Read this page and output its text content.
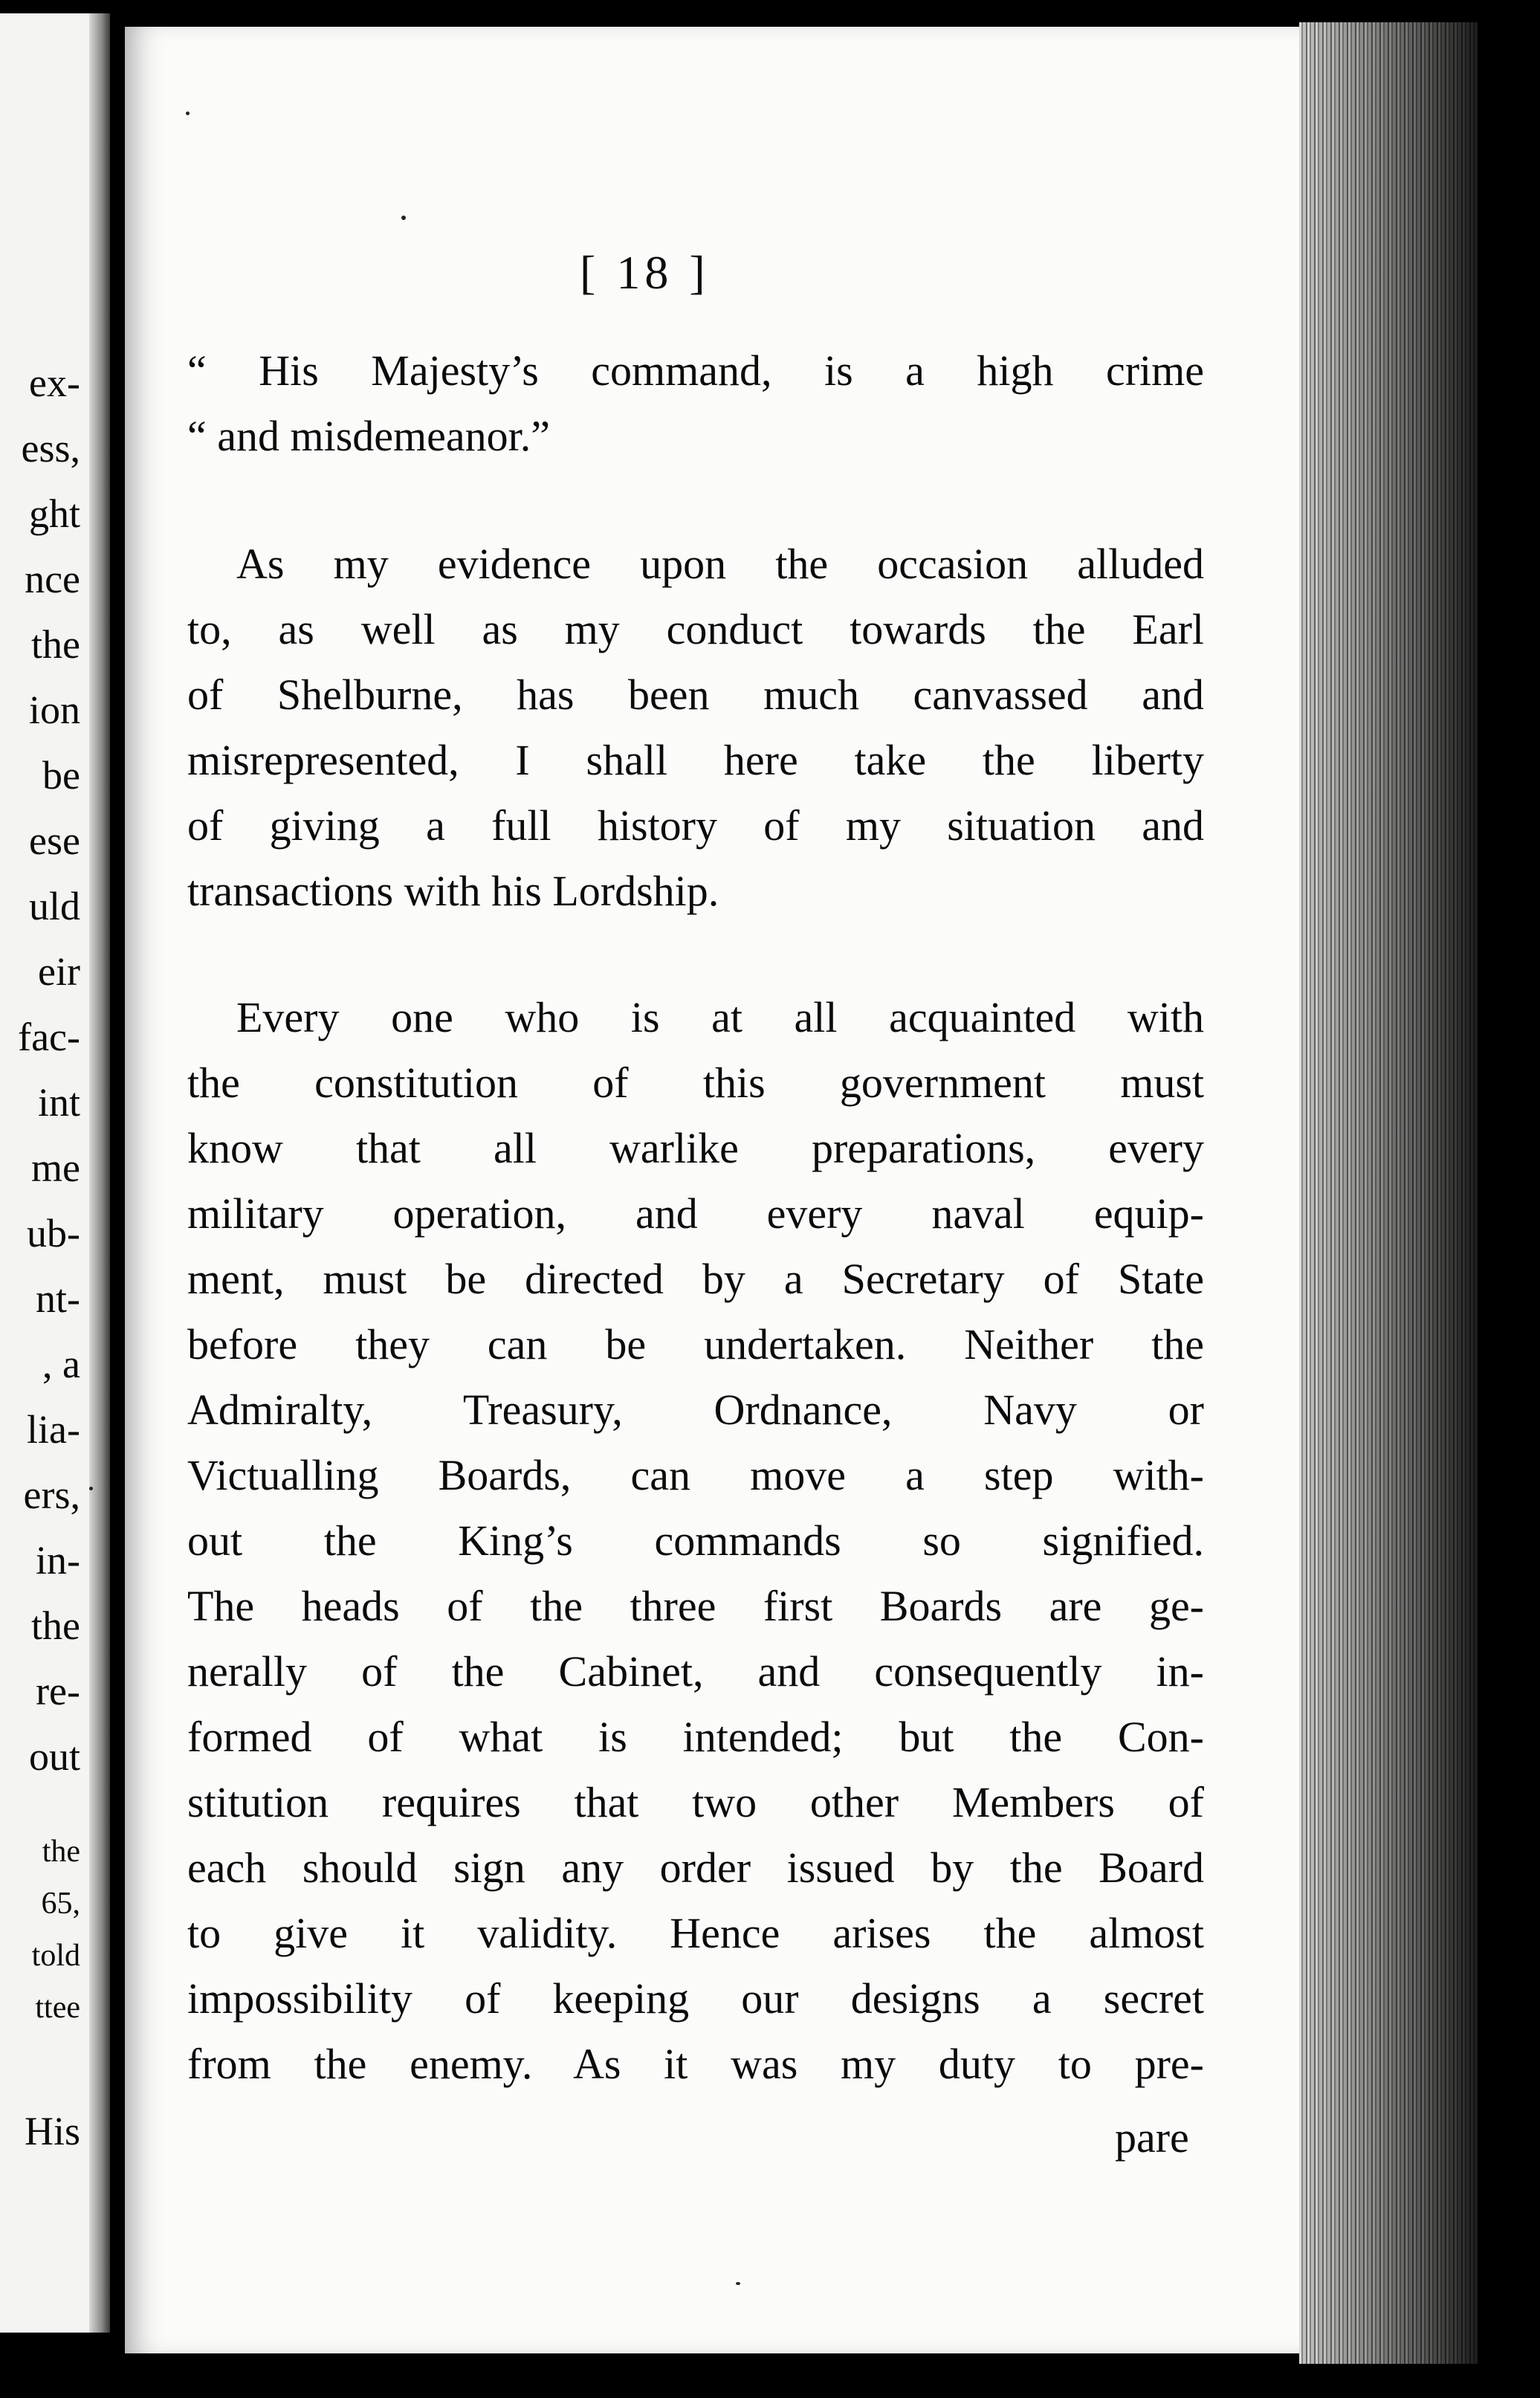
ex-
ess,
ght
nce
the
ion
be
ese
uld
eir
fac-
int
me
ub-
nt-
, a
lia-
ers,
in-
the
re-
out
the
65,
told
ttee
His
[ 18 ]
“ His Majesty’s command, is a high crime
“ and misdemeanor.”
As my evidence upon the occasion alluded
to, as well as my conduct towards the Earl
of Shelburne, has been much canvassed and
misrepresented, I shall here take the liberty
of giving a full history of my situation and
transactions with his Lordship.
Every one who is at all acquainted with
the constitution of this government must
know that all warlike preparations, every
military operation, and every naval equip-
ment, must be directed by a Secretary of State
before they can be undertaken. Neither the
Admiralty, Treasury, Ordnance, Navy or
Victualling Boards, can move a step with-
out the King’s commands so signified.
The heads of the three first Boards are ge-
nerally of the Cabinet, and consequently in-
formed of what is intended; but the Con-
stitution requires that two other Members of
each should sign any order issued by the Board
to give it validity. Hence arises the almost
impossibility of keeping our designs a secret
from the enemy. As it was my duty to pre-
pare
